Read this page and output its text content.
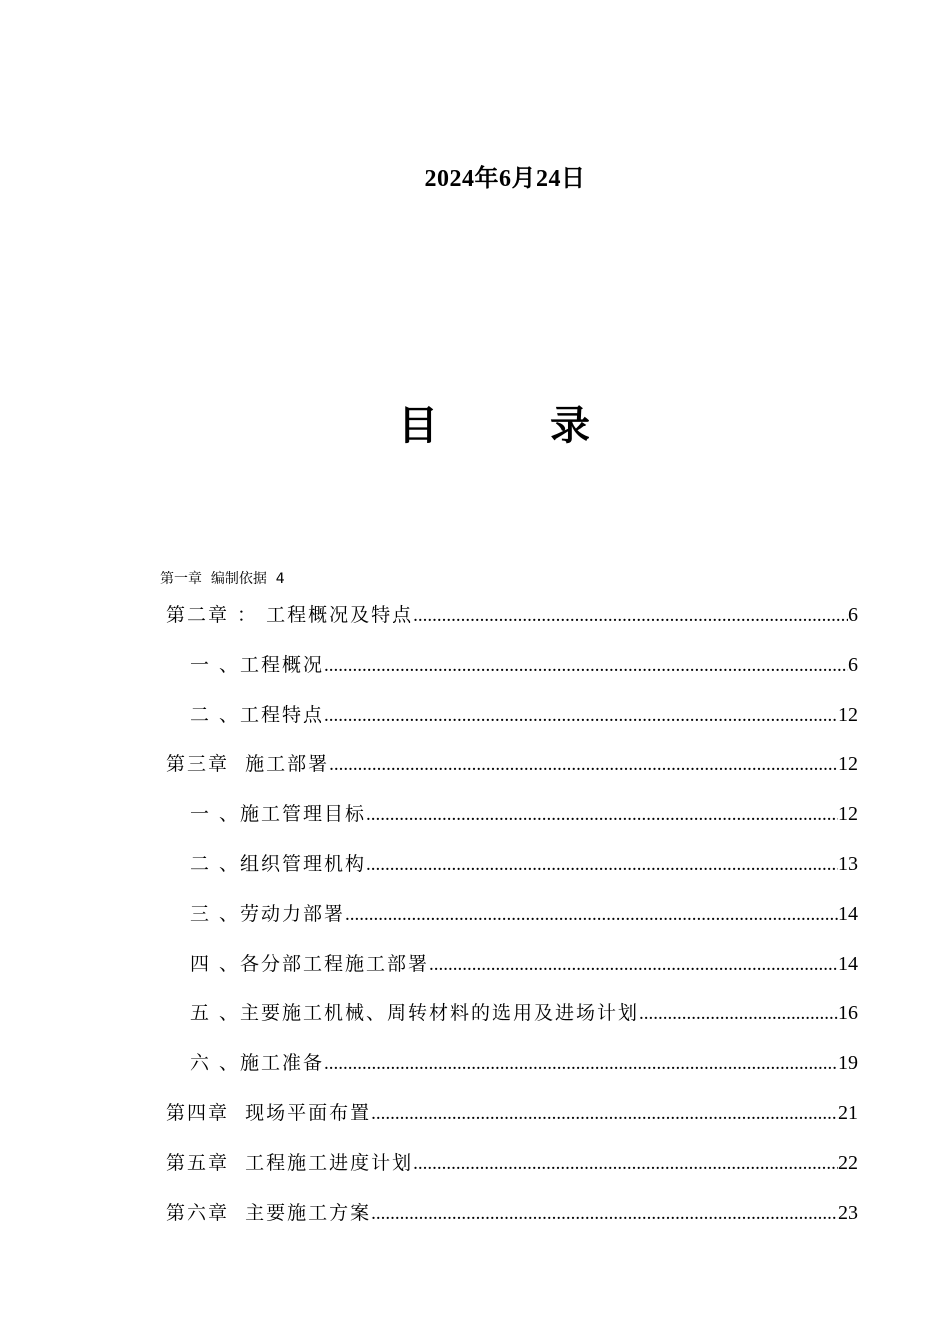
2024年6月24日
目　录
第一章  编制依据  4
第二章 ： 工程概况及特点 .....	6
一 、工程概况 .....	6
二 、工程特点 .....	12
第三章  施工部署 .....	12
一 、施工管理目标 .....	12
二 、组织管理机构 .....	13
三 、劳动力部署 .....	14
四 、各分部工程施工部署 .....	14
五 、主要施工机械、周转材料的选用及进场计划 .....	16
六 、施工准备 .....	19
第四章  现场平面布置 .....	21
第五章  工程施工进度计划 .....	22
第六章  主要施工方案 .....	23
